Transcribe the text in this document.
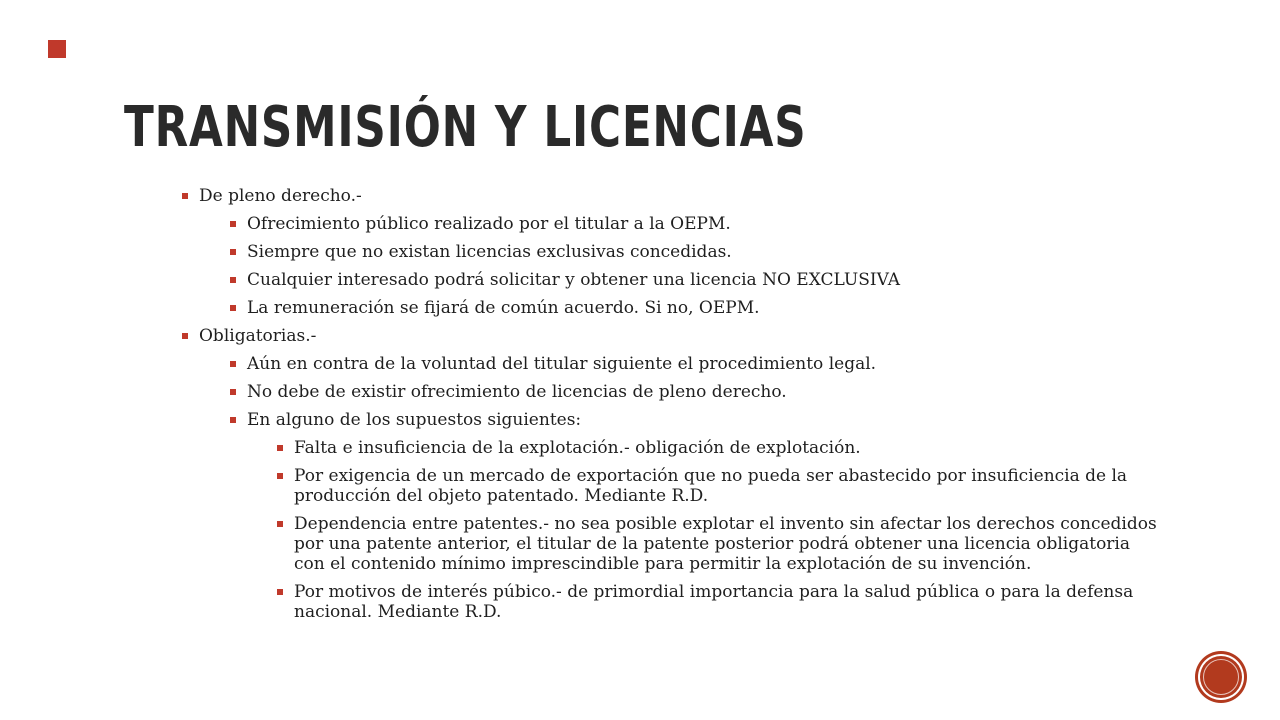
TRANSMISIÓN Y LICENCIAS
De pleno derecho.-
Ofrecimiento público realizado por el titular a la OEPM.
Siempre que no existan licencias exclusivas concedidas.
Cualquier interesado podrá solicitar y obtener una licencia NO EXCLUSIVA
La remuneración se fijará de común acuerdo. Si no, OEPM.
Obligatorias.-
Aún en contra de la voluntad del titular siguiente el procedimiento legal.
No debe de existir ofrecimiento de licencias de pleno derecho.
En alguno de los supuestos siguientes:
Falta e insuficiencia de la explotación.- obligación de explotación.
Por exigencia de un mercado de exportación que no pueda ser abastecido por insuficiencia de la producción del objeto patentado. Mediante R.D.
Dependencia entre patentes.- no sea posible explotar el invento sin afectar los derechos concedidos por una patente anterior, el titular de la patente posterior podrá obtener una licencia obligatoria con el contenido mínimo imprescindible para permitir la explotación de su invención.
Por motivos de interés púbico.- de primordial importancia para la salud pública o para la defensa nacional. Mediante R.D.
